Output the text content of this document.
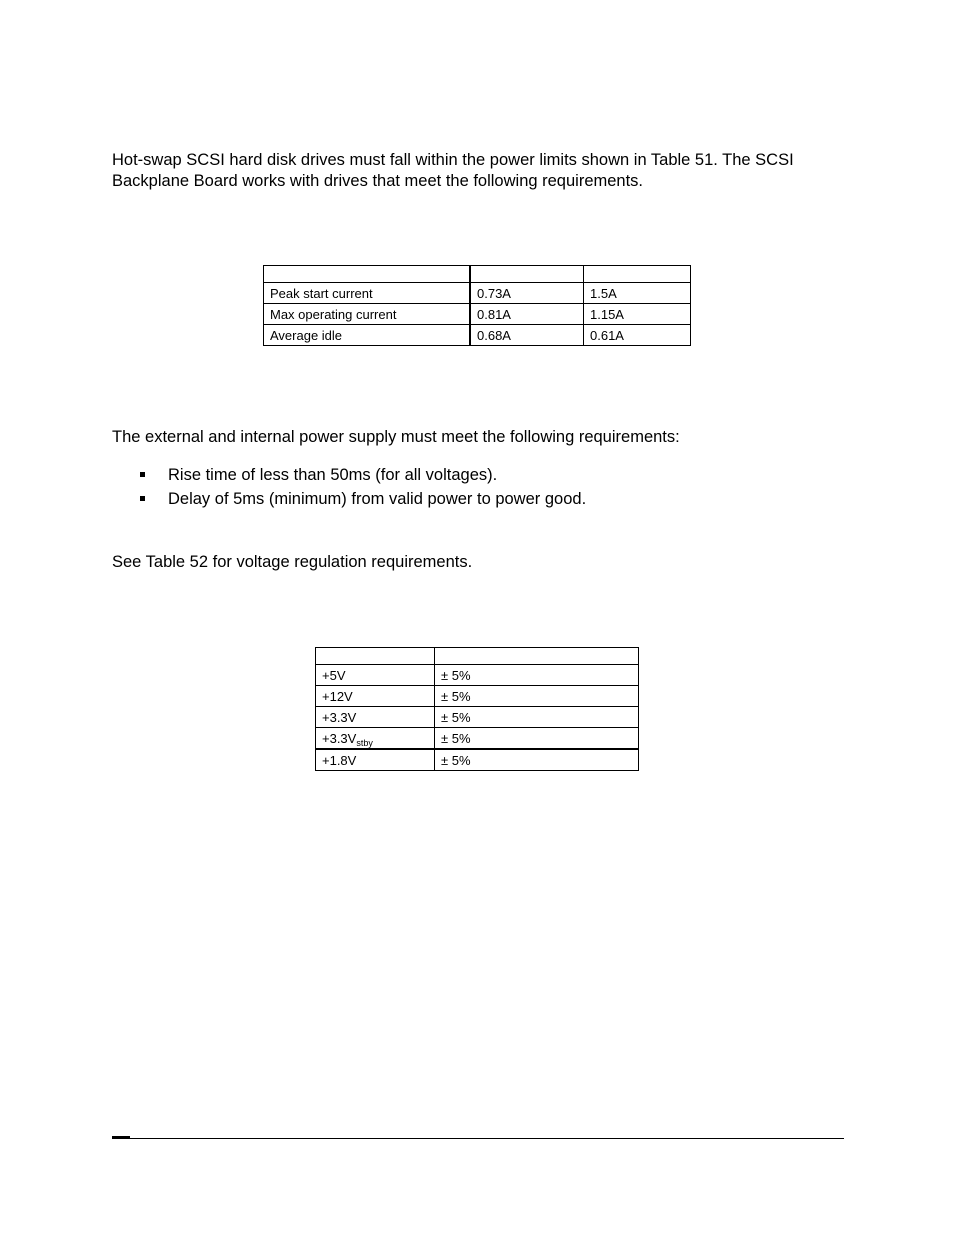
Hot-swap SCSI hard disk drives must fall within the power limits shown in Table 51. The SCSI Backplane Board works with drives that meet the following requirements.

Peak start current	0.73A	1.5A
Max operating current	0.81A	1.15A
Average idle	0.68A	0.61A

The external and internal power supply must meet the following requirements:

Rise time of less than 50ms (for all voltages).
Delay of 5ms (minimum) from valid power to power good.

See Table 52 for voltage regulation requirements.

+5V	± 5%
+12V	± 5%
+3.3V	± 5%
$+3.3V_{stby}$	± 5%
+1.8V	± 5%
